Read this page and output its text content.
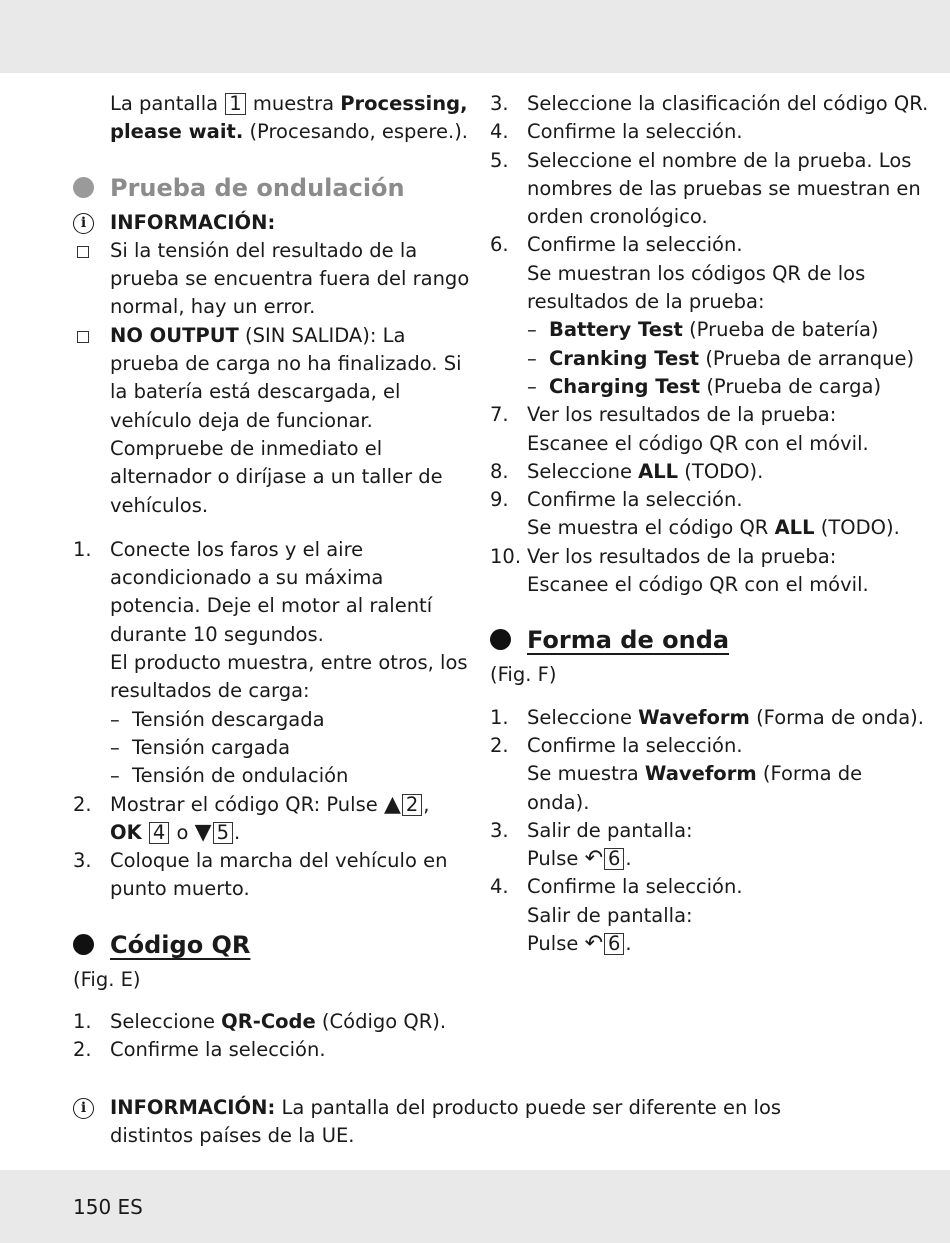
La pantalla 1 muestra Processing, please wait. (Procesando, espere.).
Prueba de ondulación
i	INFORMACIÓN:
Si la tensión del resultado de la prueba se encuentra fuera del rango normal, hay un error.
NO OUTPUT (SIN SALIDA): La prueba de carga no ha finalizado. Si la batería está descargada, el vehículo deja de funcionar. Compruebe de inmediato el alternador o diríjase a un taller de vehículos.
1. Conecte los faros y el aire acondicionado a su máxima potencia. Deje el motor al ralentí durante 10 segundos.
El producto muestra, entre otros, los resultados de carga:
– Tensión descargada
– Tensión cargada
– Tensión de ondulación
2. Mostrar el código QR: Pulse ▲ 2 ,
OK 4 o ▼ 5 .
3. Coloque la marcha del vehículo en punto muerto.
Código QR
(Fig. E)
1. Seleccione QR-Code (Código QR).
2. Confirme la selección.
3. Seleccione la clasificación del código QR.
4. Confirme la selección.
5. Seleccione el nombre de la prueba. Los nombres de las pruebas se muestran en orden cronológico.
6. Confirme la selección.
Se muestran los códigos QR de los resultados de la prueba:
– Battery Test (Prueba de batería)
– Cranking Test (Prueba de arranque)
– Charging Test (Prueba de carga)
7. Ver los resultados de la prueba:
Escanee el código QR con el móvil.
8. Seleccione ALL (TODO).
9. Confirme la selección.
Se muestra el código QR ALL (TODO).
10. Ver los resultados de la prueba:
Escanee el código QR con el móvil.
Forma de onda
(Fig. F)
1. Seleccione Waveform (Forma de onda).
2. Confirme la selección.
Se muestra Waveform (Forma de onda).
3. Salir de pantalla:
Pulse ↶ 6 .
4. Confirme la selección.
Salir de pantalla:
Pulse ↶ 6 .
i	INFORMACIÓN: La pantalla del producto puede ser diferente en los distintos países de la UE.
150 ES
